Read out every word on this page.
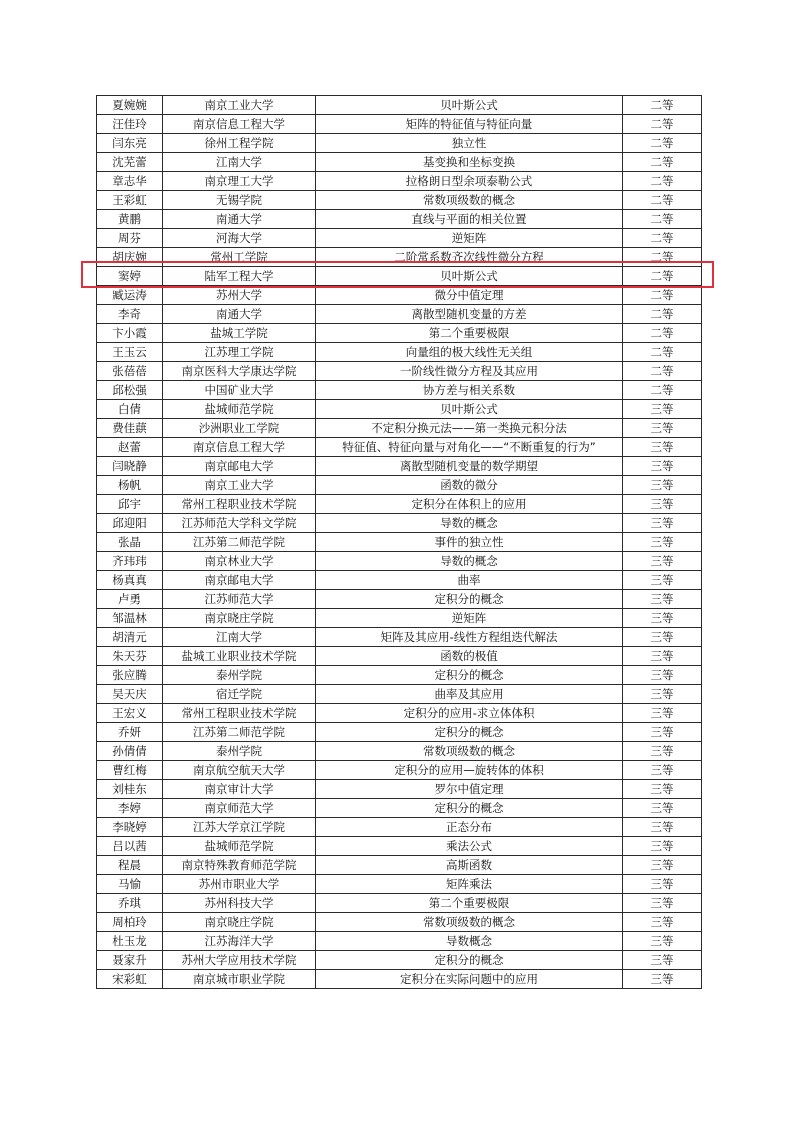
夏婉婉	南京工业大学	贝叶斯公式	二等
汪佳玲	南京信息工程大学	矩阵的特征值与特征向量	二等
闫东亮	徐州工程学院	独立性	二等
沈芜蕾	江南大学	基变换和坐标变换	二等
章志华	南京理工大学	拉格朗日型余项泰勒公式	二等
王彩虹	无锡学院	常数项级数的概念	二等
黄鹏	南通大学	直线与平面的相关位置	二等
周芬	河海大学	逆矩阵	二等
胡庆婉	常州工学院	二阶常系数齐次线性微分方程	二等
窦婷	陆军工程大学	贝叶斯公式	二等
臧运涛	苏州大学	微分中值定理	二等
李奇	南通大学	离散型随机变量的方差	二等
卞小霞	盐城工学院	第二个重要极限	二等
王玉云	江苏理工学院	向量组的极大线性无关组	二等
张蓓蓓	南京医科大学康达学院	一阶线性微分方程及其应用	二等
邱松强	中国矿业大学	协方差与相关系数	二等
白倩	盐城师范学院	贝叶斯公式	三等
费佳蕻	沙洲职业工学院	不定积分换元法——第一类换元积分法	三等
赵蕾	南京信息工程大学	特征值、特征向量与对角化——“不断重复的行为”	三等
闫晓静	南京邮电大学	离散型随机变量的数学期望	三等
杨帆	南京工业大学	函数的微分	三等
邱宇	常州工程职业技术学院	定积分在体积上的应用	三等
邱迎阳	江苏师范大学科文学院	导数的概念	三等
张晶	江苏第二师范学院	事件的独立性	三等
齐玮玮	南京林业大学	导数的概念	三等
杨真真	南京邮电大学	曲率	三等
卢勇	江苏师范大学	定积分的概念	三等
邹温林	南京晓庄学院	逆矩阵	三等
胡清元	江南大学	矩阵及其应用-线性方程组迭代解法	三等
朱天芬	盐城工业职业技术学院	函数的极值	三等
张应腾	泰州学院	定积分的概念	三等
吴天庆	宿迁学院	曲率及其应用	三等
王宏义	常州工程职业技术学院	定积分的应用-求立体体积	三等
乔妍	江苏第二师范学院	定积分的概念	三等
孙倩倩	泰州学院	常数项级数的概念	三等
曹红梅	南京航空航天大学	定积分的应用—旋转体的体积	三等
刘桂东	南京审计大学	罗尔中值定理	三等
李婷	南京师范大学	定积分的概念	三等
李晓婷	江苏大学京江学院	正态分布	三等
吕以茜	盐城师范学院	乘法公式	三等
程晨	南京特殊教育师范学院	高斯函数	三等
马愉	苏州市职业大学	矩阵乘法	三等
乔琪	苏州科技大学	第二个重要极限	三等
周柏玲	南京晓庄学院	常数项级数的概念	三等
杜玉龙	江苏海洋大学	导数概念	三等
聂家升	苏州大学应用技术学院	定积分的概念	三等
宋彩虹	南京城市职业学院	定积分在实际问题中的应用	三等
